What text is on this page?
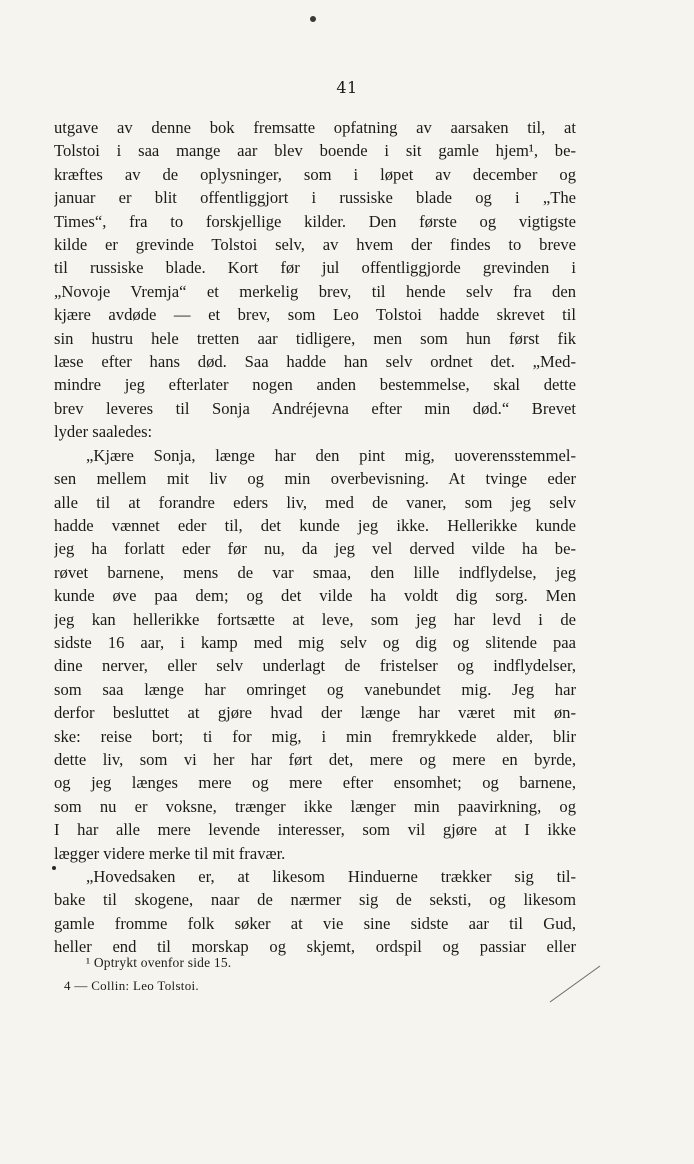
41
utgave av denne bok fremsatte opfatning av aarsaken til, at
Tolstoi i saa mange aar blev boende i sit gamle hjem¹, be-
kræftes av de oplysninger, som i løpet av december og
januar er blit offentliggjort i russiske blade og i „The
Times“, fra to forskjellige kilder. Den første og vigtigste
kilde er grevinde Tolstoi selv, av hvem der findes to breve
til russiske blade. Kort før jul offentliggjorde grevinden i
„Novoje Vremja“ et merkelig brev, til hende selv fra den
kjære avdøde — et brev, som Leo Tolstoi hadde skrevet til
sin hustru hele tretten aar tidligere, men som hun først fik
læse efter hans død. Saa hadde han selv ordnet det. „Med-
mindre jeg efterlater nogen anden bestemmelse, skal dette
brev leveres til Sonja Andréjevna efter min død.“ Brevet
lyder saaledes:
„Kjære Sonja, længe har den pint mig, uoverensstemmel-
sen mellem mit liv og min overbevisning. At tvinge eder
alle til at forandre eders liv, med de vaner, som jeg selv
hadde vænnet eder til, det kunde jeg ikke. Hellerikke kunde
jeg ha forlatt eder før nu, da jeg vel derved vilde ha be-
røvet barnene, mens de var smaa, den lille indflydelse, jeg
kunde øve paa dem; og det vilde ha voldt dig sorg. Men
jeg kan hellerikke fortsætte at leve, som jeg har levd i de
sidste 16 aar, i kamp med mig selv og dig og slitende paa
dine nerver, eller selv underlagt de fristelser og indflydelser,
som saa længe har omringet og vanebundet mig. Jeg har
derfor besluttet at gjøre hvad der længe har været mit øn-
ske: reise bort; ti for mig, i min fremrykkede alder, blir
dette liv, som vi her har ført det, mere og mere en byrde,
og jeg længes mere og mere efter ensomhet; og barnene,
som nu er voksne, trænger ikke længer min paavirkning, og
I har alle mere levende interesser, som vil gjøre at I ikke
lægger videre merke til mit fravær.
„Hovedsaken er, at likesom Hinduerne trækker sig til-
bake til skogene, naar de nærmer sig de seksti, og likesom
gamle fromme folk søker at vie sine sidste aar til Gud,
heller end til morskap og skjemt, ordspil og passiar eller
¹ Optrykt ovenfor side 15.
4 — Collin: Leo Tolstoi.
